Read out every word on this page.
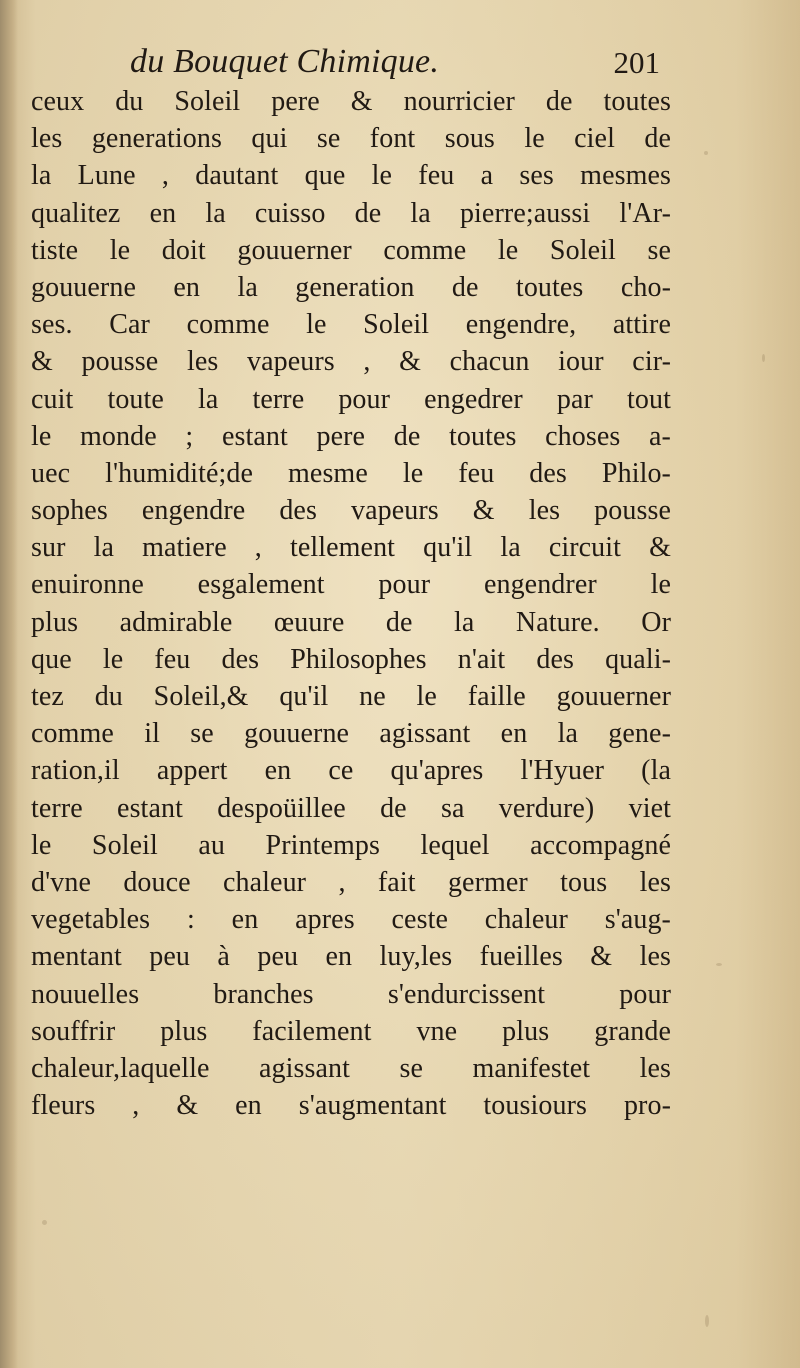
du Bouquet Chimique.	201
ceux du Soleil pere & nourricier de toutes
les generations qui se font sous le ciel de
la Lune , dautant que le feu a ses mesmes
qualitez en la cuisso de la pierre;aussi l'Ar-
tiste le doit gouuerner comme le Soleil se
gouuerne en la generation de toutes cho-
ses. Car comme le Soleil engendre, attire
& pousse les vapeurs , & chacun iour cir-
cuit toute la terre pour engedrer par tout
le monde ; estant pere de toutes choses a-
uec l'humidité;de mesme le feu des Philo-
sophes engendre des vapeurs & les pousse
sur la matiere , tellement qu'il la circuit &
enuironne esgalement pour engendrer le
plus admirable œuure de la Nature. Or
que le feu des Philosophes n'ait des quali-
tez du Soleil,& qu'il ne le faille gouuerner
comme il se gouuerne agissant en la gene-
ration,il appert en ce qu'apres l'Hyuer (la
terre estant despoüillee de sa verdure) viet
le Soleil au Printemps lequel accompagné
d'vne douce chaleur , fait germer tous les
vegetables : en apres ceste chaleur s'aug-
mentant peu à peu en luy,les fueilles & les
nouuelles branches s'endurcissent pour
souffrir plus facilement vne plus grande
chaleur,laquelle agissant se manifestet les
fleurs , & en s'augmentant tousiours pro-
